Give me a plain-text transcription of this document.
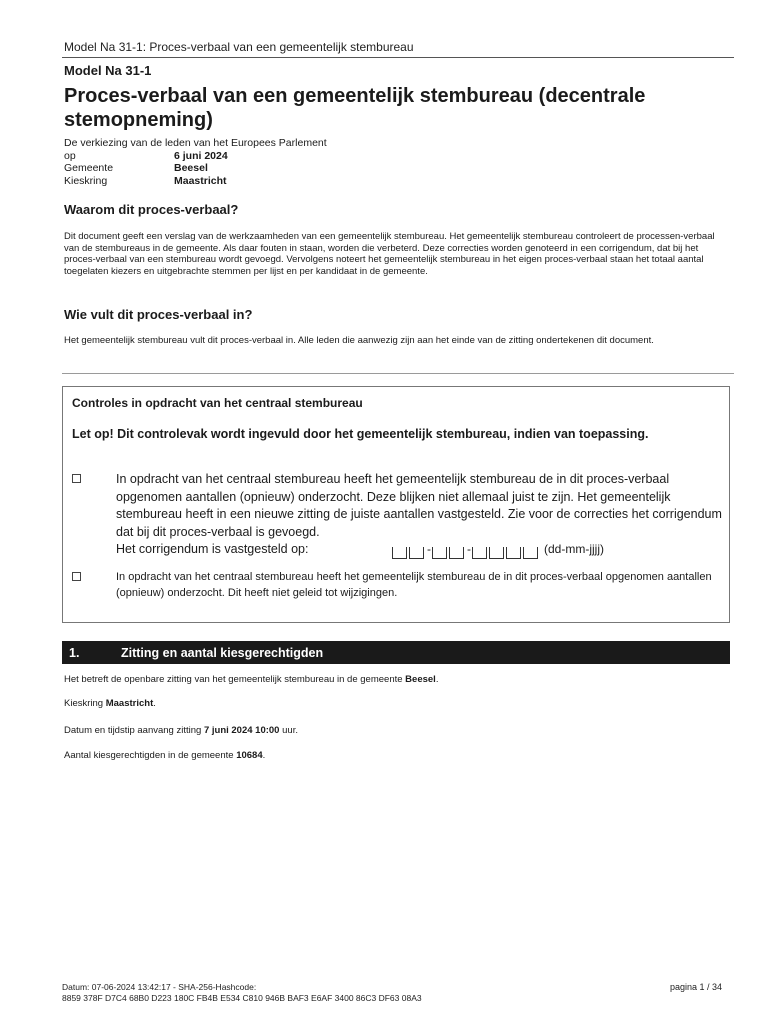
Model Na 31-1: Proces-verbaal van een gemeentelijk stembureau
Model Na 31-1
Proces-verbaal van een gemeentelijk stembureau (decentrale stemopneming)
De verkiezing van de leden van het Europees Parlement
op	6 juni 2024
Gemeente	Beesel
Kieskring	Maastricht
Waarom dit proces-verbaal?

Dit document geeft een verslag van de werkzaamheden van een gemeentelijk stembureau. Het gemeentelijk stembureau controleert de processen-verbaal van de stembureaus in de gemeente. Als daar fouten in staan, worden die verbeterd. Deze correcties worden genoteerd in een corrigendum, dat bij het proces-verbaal van een stembureau wordt gevoegd. Vervolgens noteert het gemeentelijk stembureau in het eigen proces-verbaal staan het totaal aantal toegelaten kiezers en uitgebrachte stemmen per lijst en per kandidaat in de gemeente.

Wie vult dit proces-verbaal in?

Het gemeentelijk stembureau vult dit proces-verbaal in. Alle leden die aanwezig zijn aan het einde van de zitting ondertekenen dit document.

Controles in opdracht van het centraal stembureau

Let op! Dit controlevak wordt ingevuld door het gemeentelijk stembureau, indien van toepassing.

In opdracht van het centraal stembureau heeft het gemeentelijk stembureau de in dit proces-verbaal opgenomen aantallen (opnieuw) onderzocht. Deze blijken niet allemaal juist te zijn. Het gemeentelijk stembureau heeft in een nieuwe zitting de juiste aantallen vastgesteld. Zie voor de correcties het corrigendum dat bij dit proces-verbaal is gevoegd.
Het corrigendum is vastgesteld op:	-	-	(dd-mm-jjjj)
In opdracht van het centraal stembureau heeft het gemeentelijk stembureau de in dit proces-verbaal opgenomen aantallen (opnieuw) onderzocht. Dit heeft niet geleid tot wijzigingen.
1.	Zitting en aantal kiesgerechtigden
Het betreft de openbare zitting van het gemeentelijk stembureau in de gemeente Beesel.
Kieskring Maastricht.
Datum en tijdstip aanvang zitting 7 juni 2024 10:00 uur.
Aantal kiesgerechtigden in de gemeente 10684.
Datum: 07-06-2024 13:42:17 - SHA-256-Hashcode:
8859 378F D7C4 68B0 D223 180C FB4B E534 C810 946B BAF3 E6AF 3400 86C3 DF63 08A3
pagina 1 / 34
